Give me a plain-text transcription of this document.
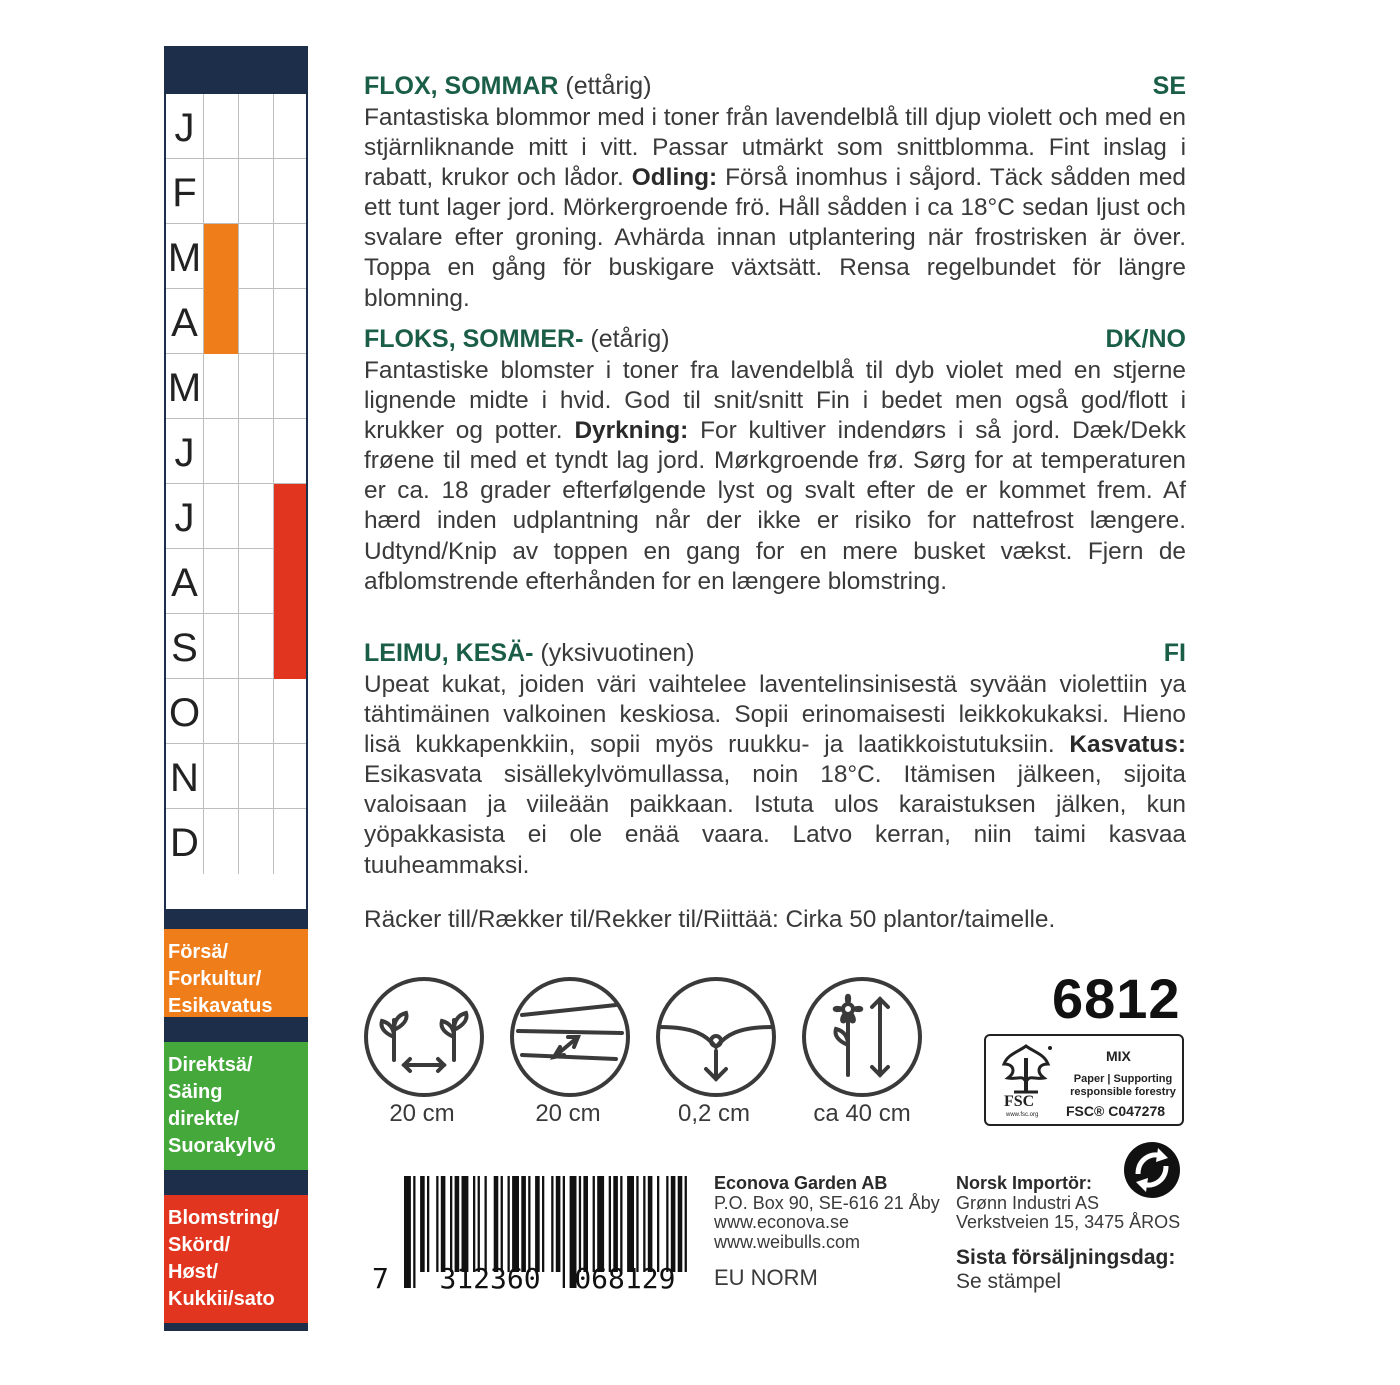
J
F
M
A
M
J
J
A
S
O
N
D
Försä/
Forkultur/
Esikavatus
Direktsä/
Säing
direkte/
Suorakylvö
Blomstring/
Skörd/
Høst/
Kukkii/sato
FLOX, SOMMAR (ettårig)	SE
Fantastiska blommor med i toner från lavendelblå till djup violett och med en stjärnliknande mitt i vitt. Passar utmärkt som snittblomma. Fint inslag i rabatt, krukor och lådor. Odling: Förså inomhus i såjord. Täck sådden med ett tunt lager jord. Mörkergroende frö. Håll sådden i ca 18°C sedan ljust och svalare efter groning. Avhärda innan utplantering när frostrisken är över. Toppa en gång för buskigare växtsätt. Rensa regelbundet för längre blomning.
FLOKS, SOMMER- (etårig)	DK/NO
Fantastiske blomster i toner fra lavendelblå til dyb violet med en stjerne lignende midte i hvid. God til snit/snitt Fin i bedet men også god/flott i krukker og potter. Dyrkning: For kultiver indendørs i så jord. Dæk/Dekk frøene til med et tyndt lag jord. Mørkgroende frø. Sørg for at temperaturen er ca. 18 grader efterfølgende lyst og svalt efter de er kommet frem. Af hærd inden udplantning når der ikke er risiko for nattefrost længere. Udtynd/Knip av toppen en gang for en mere busket vækst. Fjern de afblomstrende efterhånden for en længere blomstring.
LEIMU, KESÄ- (yksivuotinen)	FI
Upeat kukat, joiden väri vaihtelee laventelinsinisestä syvään violettiin ya tähtimäinen valkoinen keskiosa. Sopii erinomaisesti leikkokukaksi. Hieno lisä kukkapenkkiin, sopii myös ruukku- ja laatikkoistutuksiin. Kasvatus: Esikasvata sisällekylvömullassa, noin 18°C. Itämisen jälkeen, sijoita valoisaan ja viileään paikkaan. Istuta ulos karaistuksen jälken, kun yöpakkasista ei ole enää vaara. Latvo kerran, niin taimi kasvaa tuuheammaksi.
Räcker till/Rækker til/Rekker til/Riittää: Cirka 50 plantor/taimelle.
20 cm	20 cm	0,2 cm	ca 40 cm
6812
FSC
www.fsc.org
MIX
Paper | Supporting
responsible forestry
FSC® C047278
7 312360 068129
Econova Garden AB
P.O. Box 90, SE-616 21 Åby
www.econova.se
www.weibulls.com
EU NORM
Norsk Importör:
Grønn Industri AS
Verkstveien 15, 3475 ÅROS
Sista försäljningsdag:
Se stämpel
